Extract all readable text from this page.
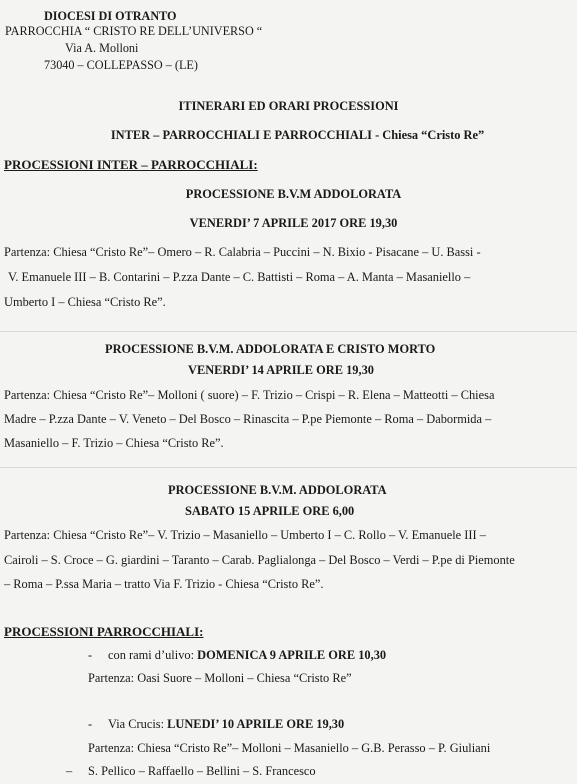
DIOCESI DI OTRANTO
PARROCCHIA “ CRISTO RE DELL’UNIVERSO “
Via A. Molloni
73040 – COLLEPASSO – (LE)
ITINERARI ED ORARI PROCESSIONI
INTER – PARROCCHIALI E PARROCCHIALI - Chiesa “Cristo Re”
PROCESSIONI INTER – PARROCCHIALI:
PROCESSIONE B.V.M ADDOLORATA
VENERDI’ 7 APRILE 2017 ORE 19,30
Partenza: Chiesa “Cristo Re”– Omero – R. Calabria – Puccini – N. Bixio - Pisacane – U. Bassi -
V. Emanuele III – B. Contarini – P.zza Dante – C. Battisti – Roma – A. Manta – Masaniello –
Umberto I – Chiesa “Cristo Re”.
PROCESSIONE B.V.M. ADDOLORATA E CRISTO MORTO
VENERDI’ 14 APRILE ORE 19,30
Partenza: Chiesa “Cristo Re”– Molloni ( suore) – F. Trizio – Crispi – R. Elena – Matteotti – Chiesa
Madre – P.zza Dante – V. Veneto – Del Bosco – Rinascita – P.pe Piemonte – Roma – Dabormida –
Masaniello – F. Trizio – Chiesa “Cristo Re”.
PROCESSIONE B.V.M. ADDOLORATA
SABATO 15 APRILE ORE 6,00
Partenza: Chiesa “Cristo Re”– V. Trizio – Masaniello – Umberto I – C. Rollo – V. Emanuele III –
Cairoli – S. Croce – G. giardini – Taranto – Carab. Paglialonga – Del Bosco – Verdi – P.pe di Piemonte
– Roma – P.ssa Maria – tratto Via F. Trizio - Chiesa “Cristo Re”.
PROCESSIONI PARROCCHIALI:
- con rami d’ulivo: DOMENICA 9 APRILE ORE 10,30
Partenza: Oasi Suore – Molloni – Chiesa “Cristo Re”
- Via Crucis: LUNEDI’ 10 APRILE ORE 19,30
Partenza: Chiesa “Cristo Re”– Molloni – Masaniello – G.B. Perasso – P. Giuliani
– S. Pellico – Raffaello – Bellini – S. Francesco
